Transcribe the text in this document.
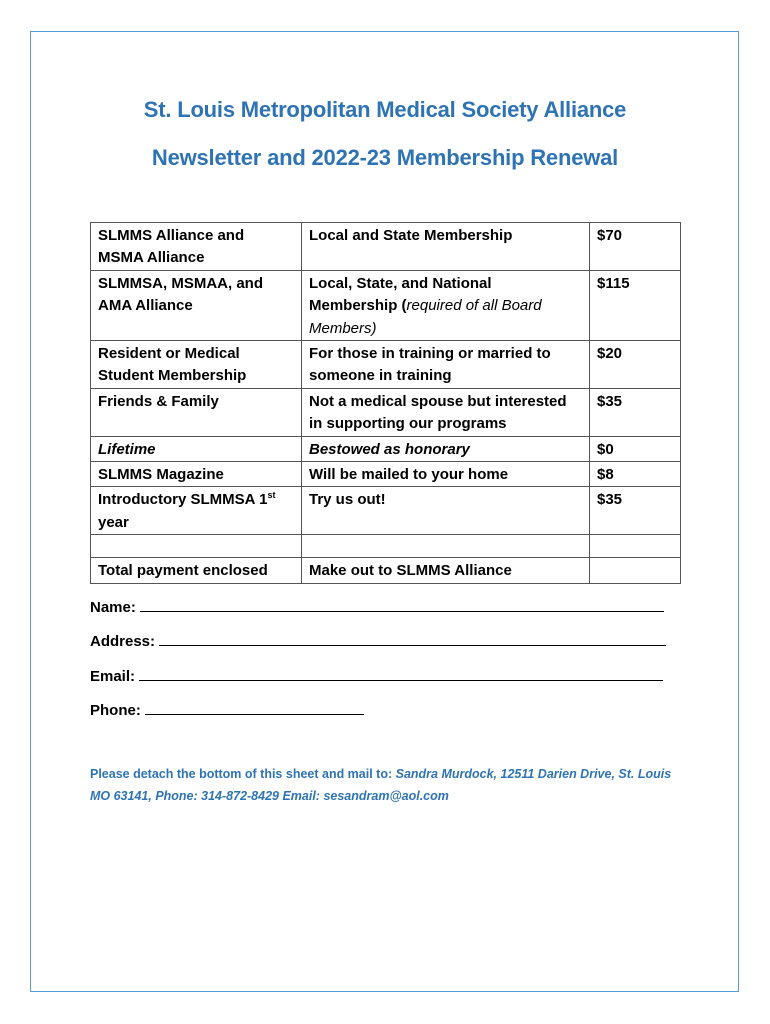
St. Louis Metropolitan Medical Society Alliance
Newsletter and 2022-23 Membership Renewal
SLMMS Alliance and MSMA Alliance	Local and State Membership	$70
SLMMSA, MSMAA, and AMA Alliance	Local, State, and National Membership (required of all Board Members)	$115
Resident or Medical Student Membership	For those in training or married to someone in training	$20
Friends & Family	Not a medical spouse but interested in supporting our programs	$35
Lifetime	Bestowed as honorary	$0
SLMMS Magazine	Will be mailed to your home	$8
Introductory SLMMSA 1st year	Try us out!	$35

Total payment enclosed	Make out to SLMMS Alliance	
Name:
Address:
Email:
Phone:
Please detach the bottom of this sheet and mail to: Sandra Murdock, 12511 Darien Drive, St. Louis MO 63141, Phone: 314-872-8429 Email: sesandram@aol.com
